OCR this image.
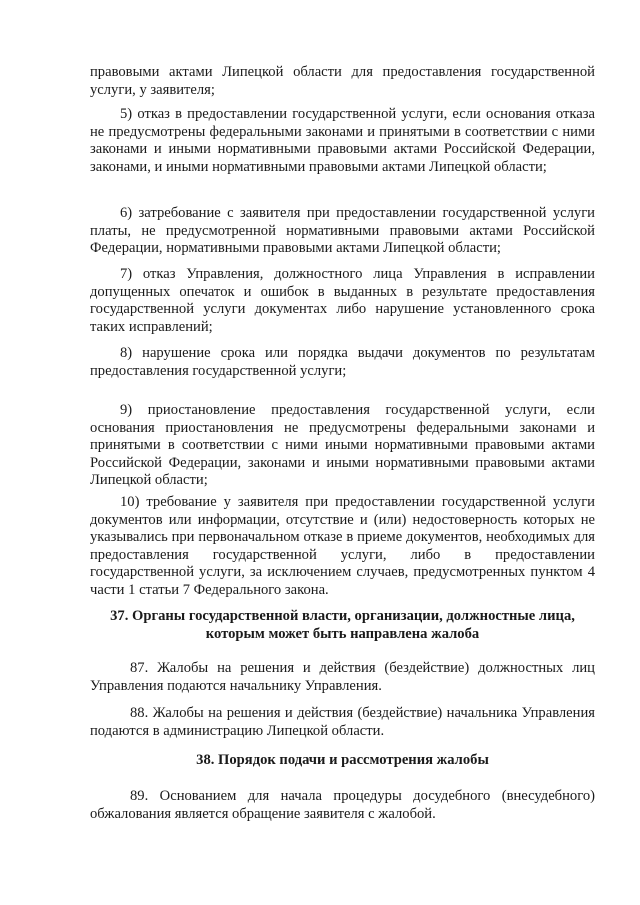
правовыми актами Липецкой области для предоставления государственной услуги, у заявителя;

5) отказ в предоставлении государственной услуги, если основания отказа не предусмотрены федеральными законами и принятыми в соответствии с ними законами и иными нормативными правовыми актами Российской Федерации, законами, и иными нормативными правовыми актами Липецкой области;

6) затребование с заявителя при предоставлении государственной услуги платы, не предусмотренной нормативными правовыми актами Российской Федерации, нормативными правовыми актами Липецкой области;

7) отказ Управления, должностного лица Управления в исправлении допущенных опечаток и ошибок в выданных в результате предоставления государственной услуги документах либо нарушение установленного срока таких исправлений;

8) нарушение срока или порядка выдачи документов по результатам предоставления государственной услуги;

9) приостановление предоставления государственной услуги, если основания приостановления не предусмотрены федеральными законами и принятыми в соответствии с ними иными нормативными правовыми актами Российской Федерации, законами и иными нормативными правовыми актами Липецкой области;

10) требование у заявителя при предоставлении государственной услуги документов или информации, отсутствие и (или) недостоверность которых не указывались при первоначальном отказе в приеме документов, необходимых для предоставления государственной услуги, либо в предоставлении государственной услуги, за исключением случаев, предусмотренных пунктом 4 части 1 статьи 7 Федерального закона.

37. Органы государственной власти, организации, должностные лица, которым может быть направлена жалоба

87. Жалобы на решения и действия (бездействие) должностных лиц Управления подаются начальнику Управления.

88. Жалобы на решения и действия (бездействие) начальника Управления подаются в администрацию Липецкой области.

38. Порядок подачи и рассмотрения жалобы

89. Основанием для начала процедуры досудебного (внесудебного) обжалования является обращение заявителя с жалобой.
